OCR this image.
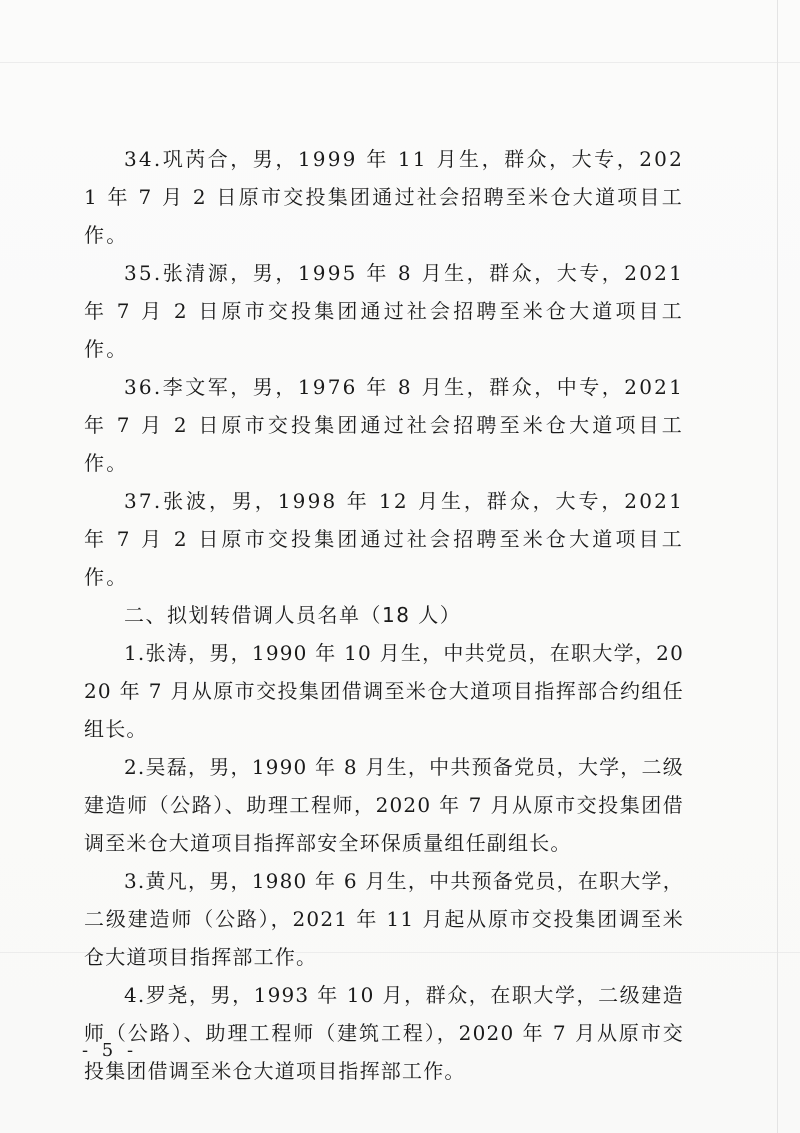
34.巩芮合，男，1999 年 11 月生，群众，大专，2021 年 7 月 2 日原市交投集团通过社会招聘至米仓大道项目工作。

35.张清源，男，1995 年 8 月生，群众，大专，2021 年 7 月 2 日原市交投集团通过社会招聘至米仓大道项目工作。

36.李文军，男，1976 年 8 月生，群众，中专，2021 年 7 月 2 日原市交投集团通过社会招聘至米仓大道项目工作。

37.张波，男，1998 年 12 月生，群众，大专，2021 年 7 月 2 日原市交投集团通过社会招聘至米仓大道项目工作。

二、拟划转借调人员名单（18 人）

1.张涛，男，1990 年 10 月生，中共党员，在职大学，2020 年 7 月从原市交投集团借调至米仓大道项目指挥部合约组任组长。

2.吴磊，男，1990 年 8 月生，中共预备党员，大学，二级建造师（公路）、助理工程师，2020 年 7 月从原市交投集团借调至米仓大道项目指挥部安全环保质量组任副组长。

3.黄凡，男，1980 年 6 月生，中共预备党员，在职大学，二级建造师（公路），2021 年 11 月起从原市交投集团调至米仓大道项目指挥部工作。

4.罗尧，男，1993 年 10 月，群众，在职大学，二级建造师（公路）、助理工程师（建筑工程），2020 年 7 月从原市交投集团借调至米仓大道项目指挥部工作。

- 5 -
